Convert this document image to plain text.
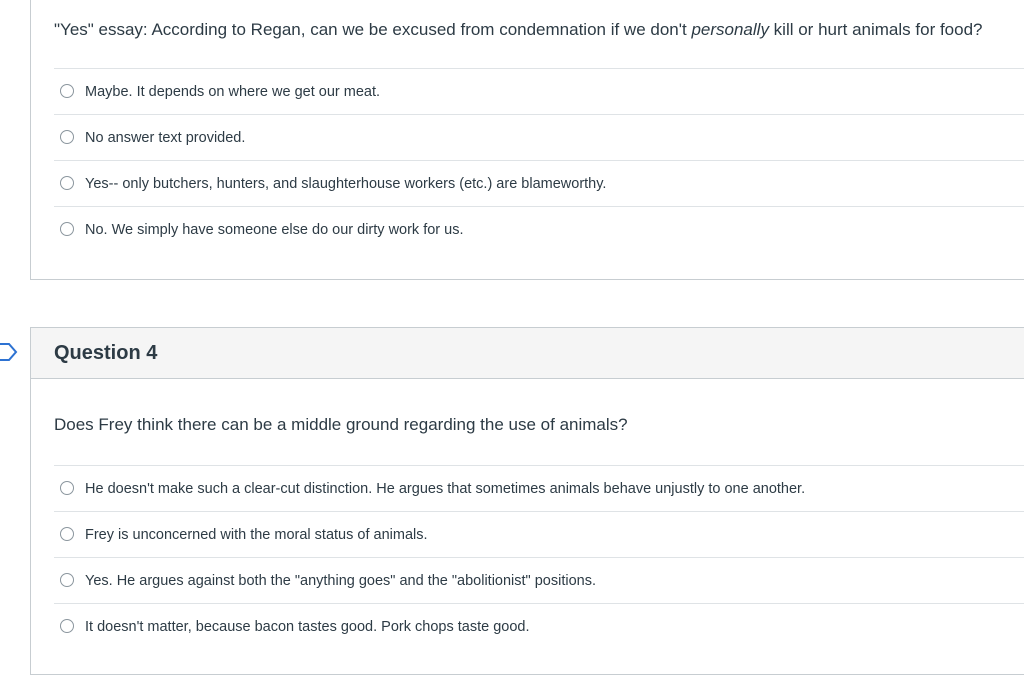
"Yes" essay: According to Regan, can we be excused from condemnation if we don't personally kill or hurt animals for food?
Maybe. It depends on where we get our meat.
No answer text provided.
Yes-- only butchers, hunters, and slaughterhouse workers (etc.) are blameworthy.
No. We simply have someone else do our dirty work for us.
Question 4
Does Frey think there can be a middle ground regarding the use of animals?
He doesn't make such a clear-cut distinction. He argues that sometimes animals behave unjustly to one another.
Frey is unconcerned with the moral status of animals.
Yes. He argues against both the "anything goes" and the "abolitionist" positions.
It doesn't matter, because bacon tastes good. Pork chops taste good.
